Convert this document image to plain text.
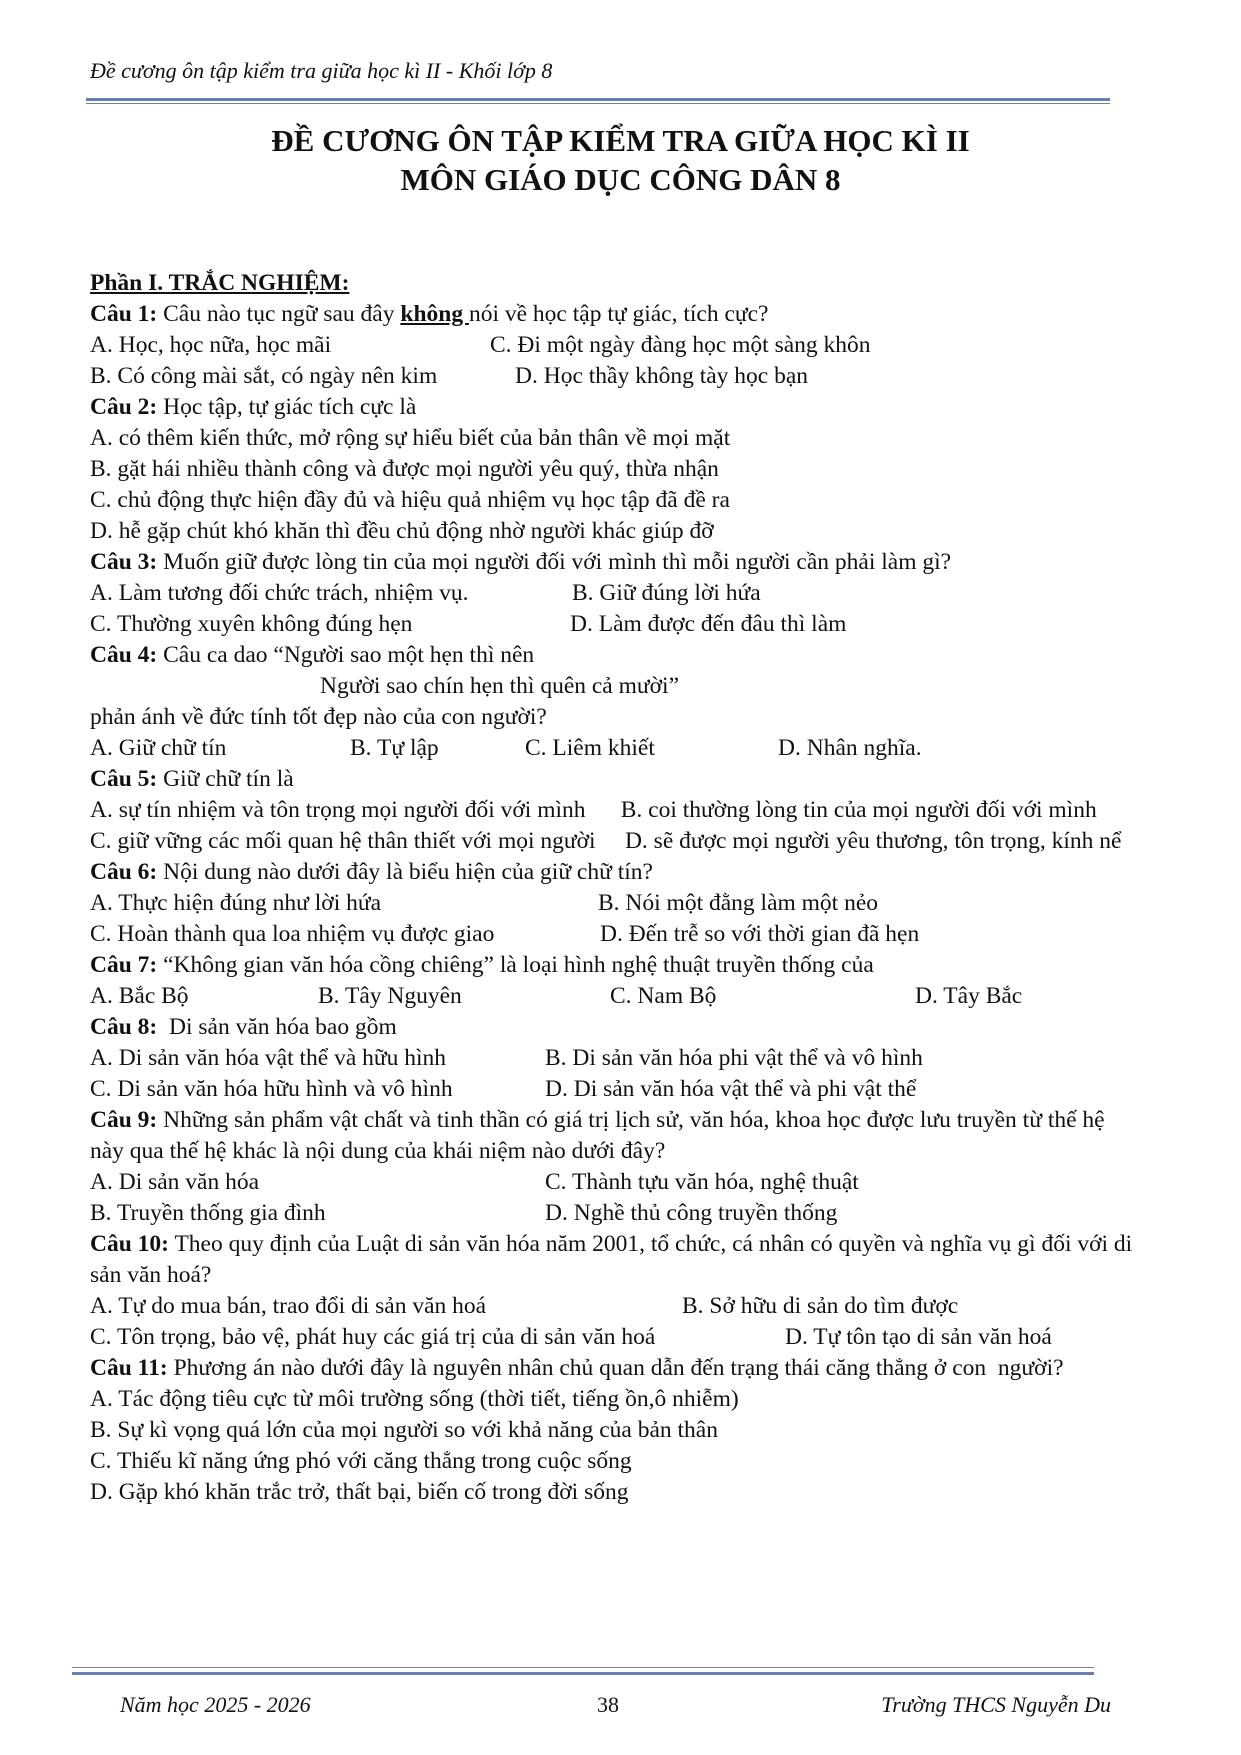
Đề cương ôn tập kiểm tra giữa học kì II - Khối lớp 8
ĐỀ CƯƠNG ÔN TẬP KIỂM TRA GIỮA HỌC KÌ II
MÔN GIÁO DỤC CÔNG DÂN 8
Phần I. TRẮC NGHIỆM:
Câu 1: Câu nào tục ngữ sau đây không nói về học tập tự giác, tích cực?
A. Học, học nữa, học mãi	C. Đi một ngày đàng học một sàng khôn
B. Có công mài sắt, có ngày nên kim	D. Học thầy không tày học bạn
Câu 2: Học tập, tự giác tích cực là
A. có thêm kiến thức, mở rộng sự hiểu biết của bản thân về mọi mặt
B. gặt hái nhiều thành công và được mọi người yêu quý, thừa nhận
C. chủ động thực hiện đầy đủ và hiệu quả nhiệm vụ học tập đã đề ra
D. hễ gặp chút khó khăn thì đều chủ động nhờ người khác giúp đỡ
Câu 3: Muốn giữ được lòng tin của mọi người đối với mình thì mỗi người cần phải làm gì?
A. Làm tương đối chức trách, nhiệm vụ.	B. Giữ đúng lời hứa
C. Thường xuyên không đúng hẹn	D. Làm được đến đâu thì làm
Câu 4: Câu ca dao “Người sao một hẹn thì nên
Người sao chín hẹn thì quên cả mười”
phản ánh về đức tính tốt đẹp nào của con người?
A. Giữ chữ tín	B. Tự lập	C. Liêm khiết	D. Nhân nghĩa.
Câu 5: Giữ chữ tín là
A. sự tín nhiệm và tôn trọng mọi người đối với mình      B. coi thường lòng tin của mọi người đối với mình
C. giữ vững các mối quan hệ thân thiết với mọi người     D. sẽ được mọi người yêu thương, tôn trọng, kính nể
Câu 6: Nội dung nào dưới đây là biểu hiện của giữ chữ tín?
A. Thực hiện đúng như lời hứa	B. Nói một đằng làm một nẻo
C. Hoàn thành qua loa nhiệm vụ được giao	D. Đến trễ so với thời gian đã hẹn
Câu 7: “Không gian văn hóa cồng chiêng” là loại hình nghệ thuật truyền thống của
A. Bắc Bộ	B. Tây Nguyên	C. Nam Bộ	D. Tây Bắc
Câu 8:  Di sản văn hóa bao gồm
A. Di sản văn hóa vật thể và hữu hình	B. Di sản văn hóa phi vật thể và vô hình
C. Di sản văn hóa hữu hình và vô hình	D. Di sản văn hóa vật thể và phi vật thể
Câu 9: Những sản phẩm vật chất và tinh thần có giá trị lịch sử, văn hóa, khoa học được lưu truyền từ thế hệ này qua thế hệ khác là nội dung của khái niệm nào dưới đây?
A. Di sản văn hóa	C. Thành tựu văn hóa, nghệ thuật
B. Truyền thống gia đình	D. Nghề thủ công truyền thống
Câu 10: Theo quy định của Luật di sản văn hóa năm 2001, tổ chức, cá nhân có quyền và nghĩa vụ gì đối với di sản văn hoá?
A. Tự do mua bán, trao đổi di sản văn hoá	B. Sở hữu di sản do tìm được
C. Tôn trọng, bảo vệ, phát huy các giá trị của di sản văn hoá	D. Tự tôn tạo di sản văn hoá
Câu 11: Phương án nào dưới đây là nguyên nhân chủ quan dẫn đến trạng thái căng thẳng ở con  người?
A. Tác động tiêu cực từ môi trường sống (thời tiết, tiếng ồn,ô nhiễm)
B. Sự kì vọng quá lớn của mọi người so với khả năng của bản thân
C. Thiếu kĩ năng ứng phó với căng thẳng trong cuộc sống
D. Gặp khó khăn trắc trở, thất bại, biến cố trong đời sống
Năm học 2025 - 2026	38	Trường THCS Nguyễn Du
